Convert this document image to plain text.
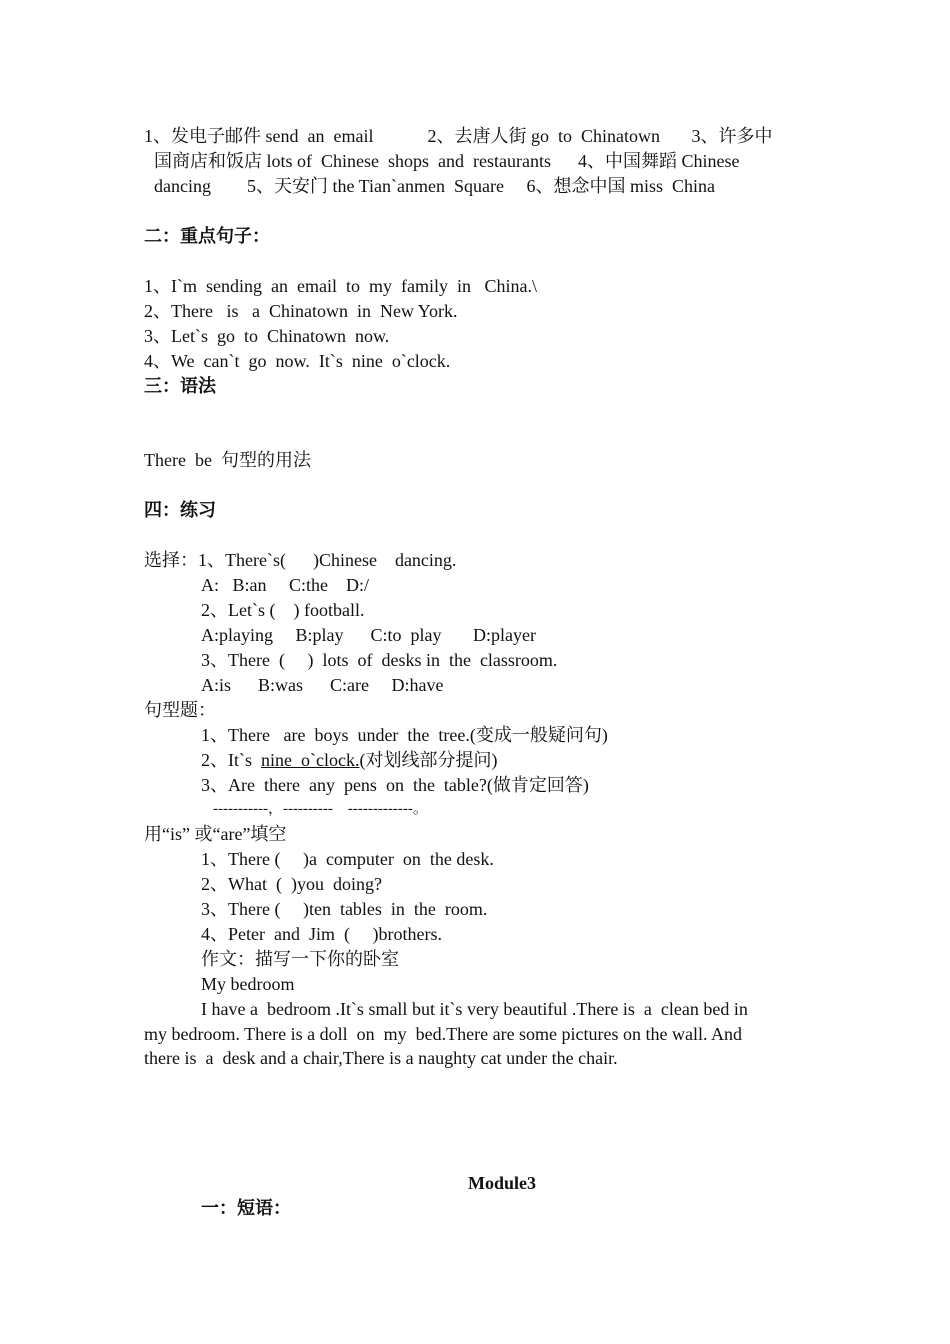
1、发电子邮件 send  an  email            2、去唐人街 go  to  Chinatown       3、许多中
国商店和饭店 lots of  Chinese  shops  and  restaurants      4、中国舞蹈 Chinese
dancing        5、天安门 the Tian`anmen  Square     6、想念中国 miss  China
二：重点句子：
1、I`m  sending  an  email  to  my  family  in   China.\
2、There   is   a  Chinatown  in  New York.
3、Let`s  go  to  Chinatown  now.
4、We  can`t  go  now.  It`s  nine  o`clock.
三：语法
There  be  句型的用法
四：练习
选择：1、There`s(      )Chinese    dancing.
A:   B:an     C:the    D:/
2、Let`s (    ) football.
A:playing     B:play      C:to  play       D:player
3、There  (     )  lots  of  desks in  the  classroom.
A:is      B:was      C:are     D:have
句型题：
1、There   are  boys  under  the  tree.(变成一般疑问句)
2、It`s  nine  o`clock.(对划线部分提问)
3、Are  there  any  pens  on  the  table?(做肯定回答)
-----------，----------    -------------。
用“is” 或“are”填空
1、There (     )a  computer  on  the desk.
2、What  (  )you  doing?
3、There (     )ten  tables  in  the  room.
4、Peter  and  Jim  (     )brothers.
作文：描写一下你的卧室
My bedroom
I have a  bedroom .It`s small but it`s very beautiful .There is  a  clean bed in
my bedroom. There is a doll  on  my  bed.There are some pictures on the wall. And
there is  a  desk and a chair,There is a naughty cat under the chair.
Module3
一：短语：
